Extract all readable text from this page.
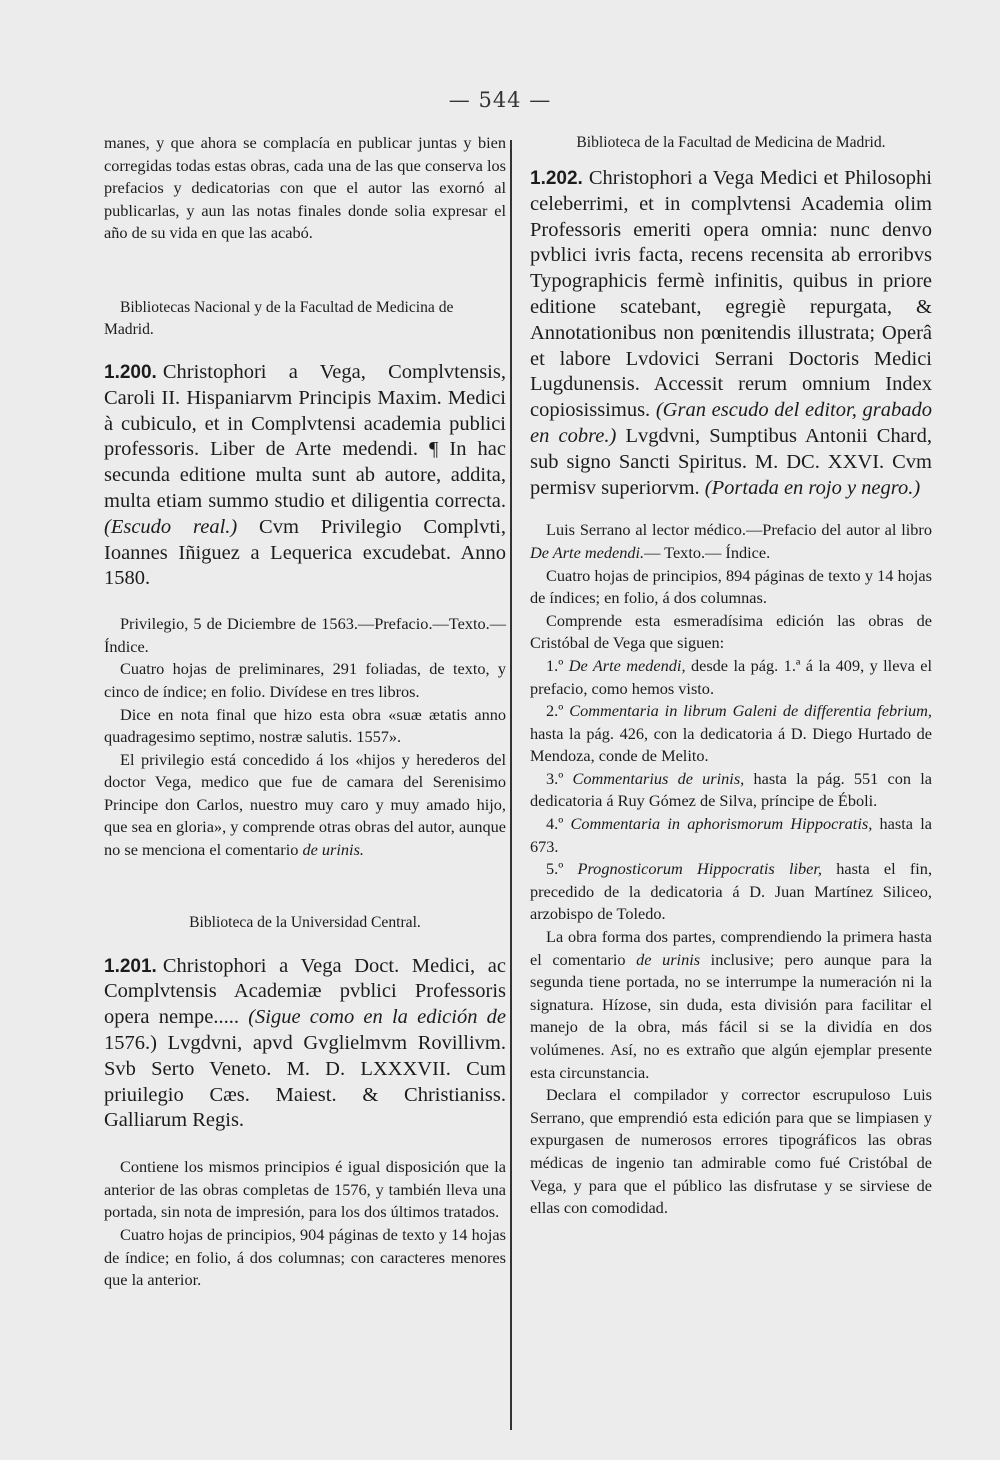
— 544 —

manes, y que ahora se complacía en publicar juntas y bien corregidas todas estas obras, cada una de las que conserva los prefacios y dedicatorias con que el autor las exornó al publicarlas, y aun las notas finales donde solia expresar el año de su vida en que las acabó.

Bibliotecas Nacional y de la Facultad de Medicina de Madrid.

1.200. Christophori a Vega, Complvtensis, Caroli II. Hispaniarvm Principis Maxim. Medici à cubiculo, et in Complvtensi academia publici professoris. Liber de Arte medendi. ¶ In hac secunda editione multa sunt ab autore, addita, multa etiam summo studio et diligentia correcta. (Escudo real.) Cvm Privilegio Complvti, Ioannes Iñiguez a Lequerica excudebat. Anno 1580.

Privilegio, 5 de Diciembre de 1563.—Prefacio.—Texto.—Índice.

Cuatro hojas de preliminares, 291 foliadas, de texto, y cinco de índice; en folio. Divídese en tres libros.

Dice en nota final que hizo esta obra «suæ ætatis anno quadragesimo septimo, nostræ salutis. 1557».

El privilegio está concedido á los «hijos y herederos del doctor Vega, medico que fue de camara del Serenisimo Principe don Carlos, nuestro muy caro y muy amado hijo, que sea en gloria», y comprende otras obras del autor, aunque no se menciona el comentario de urinis.

Biblioteca de la Universidad Central.

1.201. Christophori a Vega Doct. Medici, ac Complvtensis Academiæ pvblici Professoris opera nempe..... (Sigue como en la edición de 1576.) Lvgdvni, apvd Gvglielmvm Rovillivm. Svb Serto Veneto. M. D. LXXXVII. Cum priuilegio Cæs. Maiest. & Christianiss. Galliarum Regis.

Contiene los mismos principios é igual disposición que la anterior de las obras completas de 1576, y también lleva una portada, sin nota de impresión, para los dos últimos tratados.

Cuatro hojas de principios, 904 páginas de texto y 14 hojas de índice; en folio, á dos columnas; con caracteres menores que la anterior.

Biblioteca de la Facultad de Medicina de Madrid.

1.202. Christophori a Vega Medici et Philosophi celeberrimi, et in complvtensi Academia olim Professoris emeriti opera omnia: nunc denvo pvblici ivris facta, recens recensita ab erroribvs Typographicis fermè infinitis, quibus in priore editione scatebant, egregiè repurgata, & Annotationibus non pœnitendis illustrata; Operâ et labore Lvdovici Serrani Doctoris Medici Lugdunensis. Accessit rerum omnium Index copiosissimus. (Gran escudo del editor, grabado en cobre.) Lvgdvni, Sumptibus Antonii Chard, sub signo Sancti Spiritus. M. DC. XXVI. Cvm permisv superiorvm. (Portada en rojo y negro.)

Luis Serrano al lector médico.—Prefacio del autor al libro De Arte medendi.— Texto.— Índice.

Cuatro hojas de principios, 894 páginas de texto y 14 hojas de índices; en folio, á dos columnas.

Comprende esta esmeradísima edición las obras de Cristóbal de Vega que siguen:

1.º De Arte medendi, desde la pág. 1.ª á la 409, y lleva el prefacio, como hemos visto.

2.º Commentaria in librum Galeni de differentia febrium, hasta la pág. 426, con la dedicatoria á D. Diego Hurtado de Mendoza, conde de Melito.

3.º Commentarius de urinis, hasta la pág. 551 con la dedicatoria á Ruy Gómez de Silva, príncipe de Éboli.

4.º Commentaria in aphorismorum Hippocratis, hasta la 673.

5.º Prognosticorum Hippocratis liber, hasta el fin, precedido de la dedicatoria á D. Juan Martínez Siliceo, arzobispo de Toledo.

La obra forma dos partes, comprendiendo la primera hasta el comentario de urinis inclusive; pero aunque para la segunda tiene portada, no se interrumpe la numeración ni la signatura. Hízose, sin duda, esta división para facilitar el manejo de la obra, más fácil si se la dividía en dos volúmenes. Así, no es extraño que algún ejemplar presente esta circunstancia.

Declara el compilador y corrector escrupuloso Luis Serrano, que emprendió esta edición para que se limpiasen y expurgasen de numerosos errores tipográficos las obras médicas de ingenio tan admirable como fué Cristóbal de Vega, y para que el público las disfrutase y se sirviese de ellas con comodidad.
